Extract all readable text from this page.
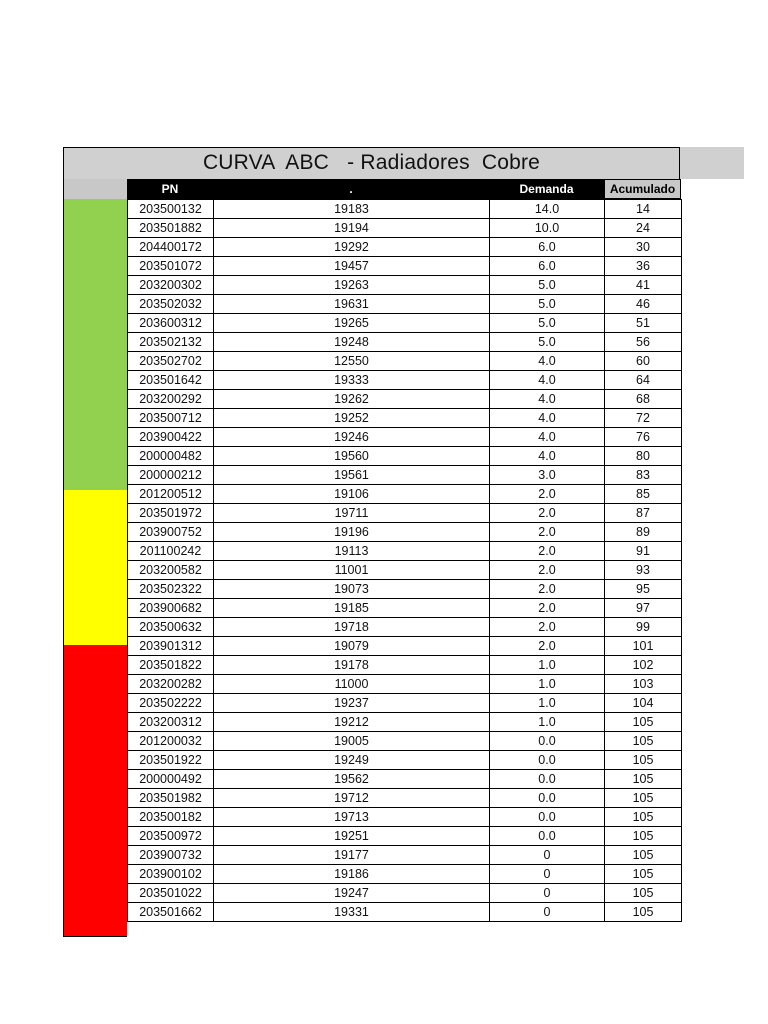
CURVA  ABC   - Radiadores  Cobre
PN	.	Demanda	Acumulado
203500132	19183	14.0	14
203501882	19194	10.0	24
204400172	19292	6.0	30
203501072	19457	6.0	36
203200302	19263	5.0	41
203502032	19631	5.0	46
203600312	19265	5.0	51
203502132	19248	5.0	56
203502702	12550	4.0	60
203501642	19333	4.0	64
203200292	19262	4.0	68
203500712	19252	4.0	72
203900422	19246	4.0	76
200000482	19560	4.0	80
200000212	19561	3.0	83
201200512	19106	2.0	85
203501972	19711	2.0	87
203900752	19196	2.0	89
201100242	19113	2.0	91
203200582	11001	2.0	93
203502322	19073	2.0	95
203900682	19185	2.0	97
203500632	19718	2.0	99
203901312	19079	2.0	101
203501822	19178	1.0	102
203200282	11000	1.0	103
203502222	19237	1.0	104
203200312	19212	1.0	105
201200032	19005	0.0	105
203501922	19249	0.0	105
200000492	19562	0.0	105
203501982	19712	0.0	105
203500182	19713	0.0	105
203500972	19251	0.0	105
203900732	19177	0	105
203900102	19186	0	105
203501022	19247	0	105
203501662	19331	0	105
